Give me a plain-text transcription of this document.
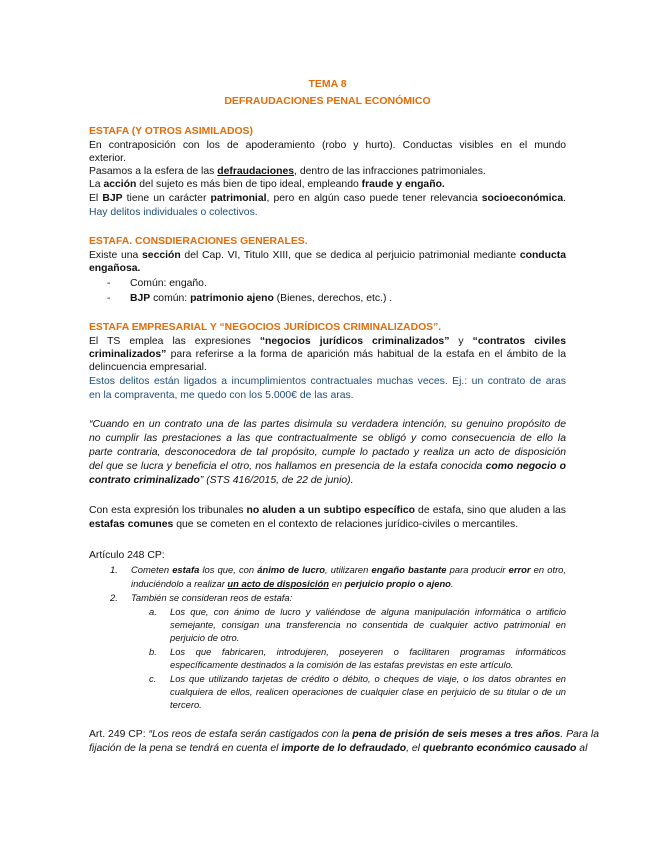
TEMA 8
DEFRAUDACIONES PENAL ECONÓMICO
ESTAFA (Y OTROS ASIMILADOS)
En contraposición con los de apoderamiento (robo y hurto). Conductas visibles en el mundo
exterior.
Pasamos a la esfera de las defraudaciones, dentro de las infracciones patrimoniales.
La acción del sujeto es más bien de tipo ideal, empleando fraude y engaño.
El BJP tiene un carácter patrimonial, pero en algún caso puede tener relevancia socioeconómica.
Hay delitos individuales o colectivos.
ESTAFA. CONSDIERACIONES GENERALES.
Existe una sección del Cap. VI, Titulo XIII, que se dedica al perjuicio patrimonial mediante conducta
engañosa.
- Común: engaño.
- BJP común: patrimonio ajeno (Bienes, derechos, etc.) .
ESTAFA EMPRESARIAL Y “NEGOCIOS JURÍDICOS CRIMINALIZADOS”.
El TS emplea las expresiones “negocios jurídicos criminalizados” y “contratos civiles
criminalizados” para referirse a la forma de aparición más habitual de la estafa en el ámbito de la
delincuencia empresarial.
Estos delitos están ligados a incumplimientos contractuales muchas veces. Ej.: un contrato de aras
en la compraventa, me quedo con los 5.000€ de las aras.
“Cuando en un contrato una de las partes disimula su verdadera intención, su genuino propósito de
no cumplir las prestaciones a las que contractualmente se obligó y como consecuencia de ello la
parte contraria, desconocedora de tal propósito, cumple lo pactado y realiza un acto de disposición
del que se lucra y beneficia el otro, nos hallamos en presencia de la estafa conocida como negocio o
contrato criminalizado” (STS 416/2015, de 22 de junio).
Con esta expresión los tribunales no aluden a un subtipo específico de estafa, sino que aluden a las
estafas comunes que se cometen en el contexto de relaciones jurídico-civiles o mercantiles.
Artículo 248 CP:
1. Cometen estafa los que, con ánimo de lucro, utilizaren engaño bastante para producir error en otro,
induciéndolo a realizar un acto de disposición en perjuicio propio o ajeno.
2. También se consideran reos de estafa:
a. Los que, con ánimo de lucro y valiéndose de alguna manipulación informática o artificio
semejante, consigan una transferencia no consentida de cualquier activo patrimonial en
perjuicio de otro.
b. Los que fabricaren, introdujeren, poseyeren o facilitaren programas informáticos
específicamente destinados a la comisión de las estafas previstas en este artículo.
c. Los que utilizando tarjetas de crédito o débito, o cheques de viaje, o los datos obrantes en
cualquiera de ellos, realicen operaciones de cualquier clase en perjuicio de su titular o de un
tercero.
Art. 249 CP: “Los reos de estafa serán castigados con la pena de prisión de seis meses a tres años. Para la
fijación de la pena se tendrá en cuenta el importe de lo defraudado, el quebranto económico causado al
